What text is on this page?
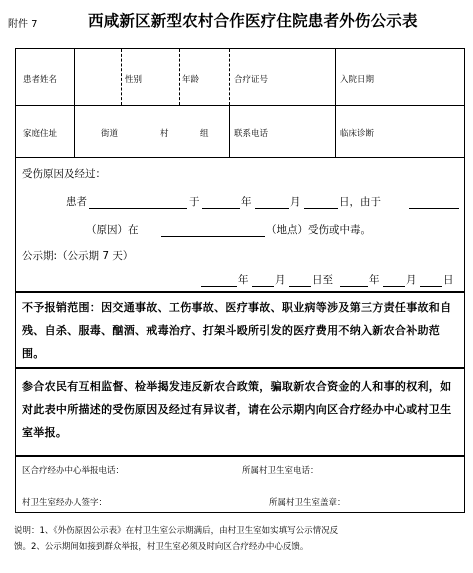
附件 7	西咸新区新型农村合作医疗住院患者外伤公示表
患者姓名	性别	年龄	合疗证号	入院日期
家庭住址	街道	村	组	联系电话	临床诊断
受伤原因及经过：
患者	于	年	月	日，由于
（原因）在	（地点）受伤或中毒。
公示期:（公示期 7 天）
年	月	日至	年	月	日
不予报销范围：因交通事故、工伤事故、医疗事故、职业病等涉及第三方责任事故和自残、自杀、服毒、酗酒、戒毒治疗、打架斗殴所引发的医疗费用不纳入新农合补助范围。
参合农民有互相监督、检举揭发违反新农合政策，骗取新农合资金的人和事的权利，如对此表中所描述的受伤原因及经过有异议者，请在公示期内向区合疗经办中心或村卫生室举报。
区合疗经办中心举报电话：	所属村卫生室电话：
村卫生室经办人签字：	所属村卫生室盖章：
说明：1、《外伤原因公示表》在村卫生室公示期满后，由村卫生室如实填写公示情况反
馈。2、公示期间如接到群众举报，村卫生室必须及时向区合疗经办中心反馈。
